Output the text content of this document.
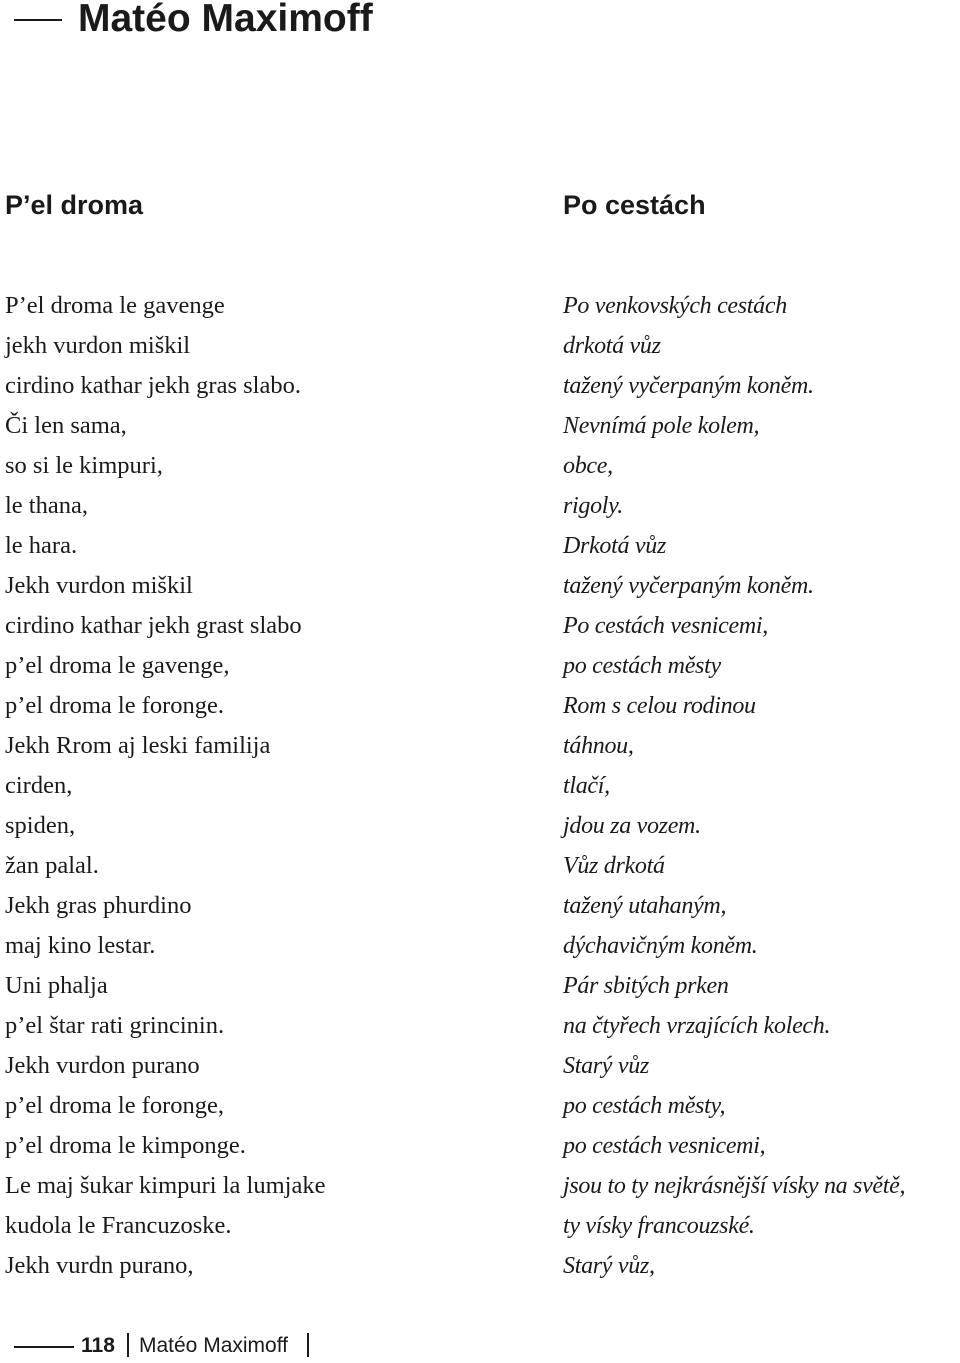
Matéo Maximoff
P’el droma
P’el droma le gavenge
jekh vurdon miškil
cirdino kathar jekh gras slabo.
Či len sama,
so si le kimpuri,
le thana,
le hara.
Jekh vurdon miškil
cirdino kathar jekh grast slabo
p’el droma le gavenge,
p’el droma le foronge.
Jekh Rrom aj leski familija
cirden,
spiden,
žan palal.
Jekh gras phurdino
maj kino lestar.
Uni phalja
p’el štar rati grincinin.
Jekh vurdon purano
p’el droma le foronge,
p’el droma le kimponge.
Le maj šukar kimpuri la lumjake
kudola le Francuzoske.
Jekh vurdn purano,
Po cestách
Po venkovských cestách
drkotá vůz
tažený vyčerpaným koněm.
Nevnímá pole kolem,
obce,
rigoly.
Drkotá vůz
tažený vyčerpaným koněm.
Po cestách vesnicemi,
po cestách městy
Rom s celou rodinou
táhnou,
tlačí,
jdou za vozem.
Vůz drkotá
tažený utahaným,
dýchavičným koněm.
Pár sbitých prken
na čtyřech vrzajících kolech.
Starý vůz
po cestách městy,
po cestách vesnicemi,
jsou to ty nejkrásnější vísky na světě,
ty vísky francouzské.
Starý vůz,
118 Matéo Maximoff
